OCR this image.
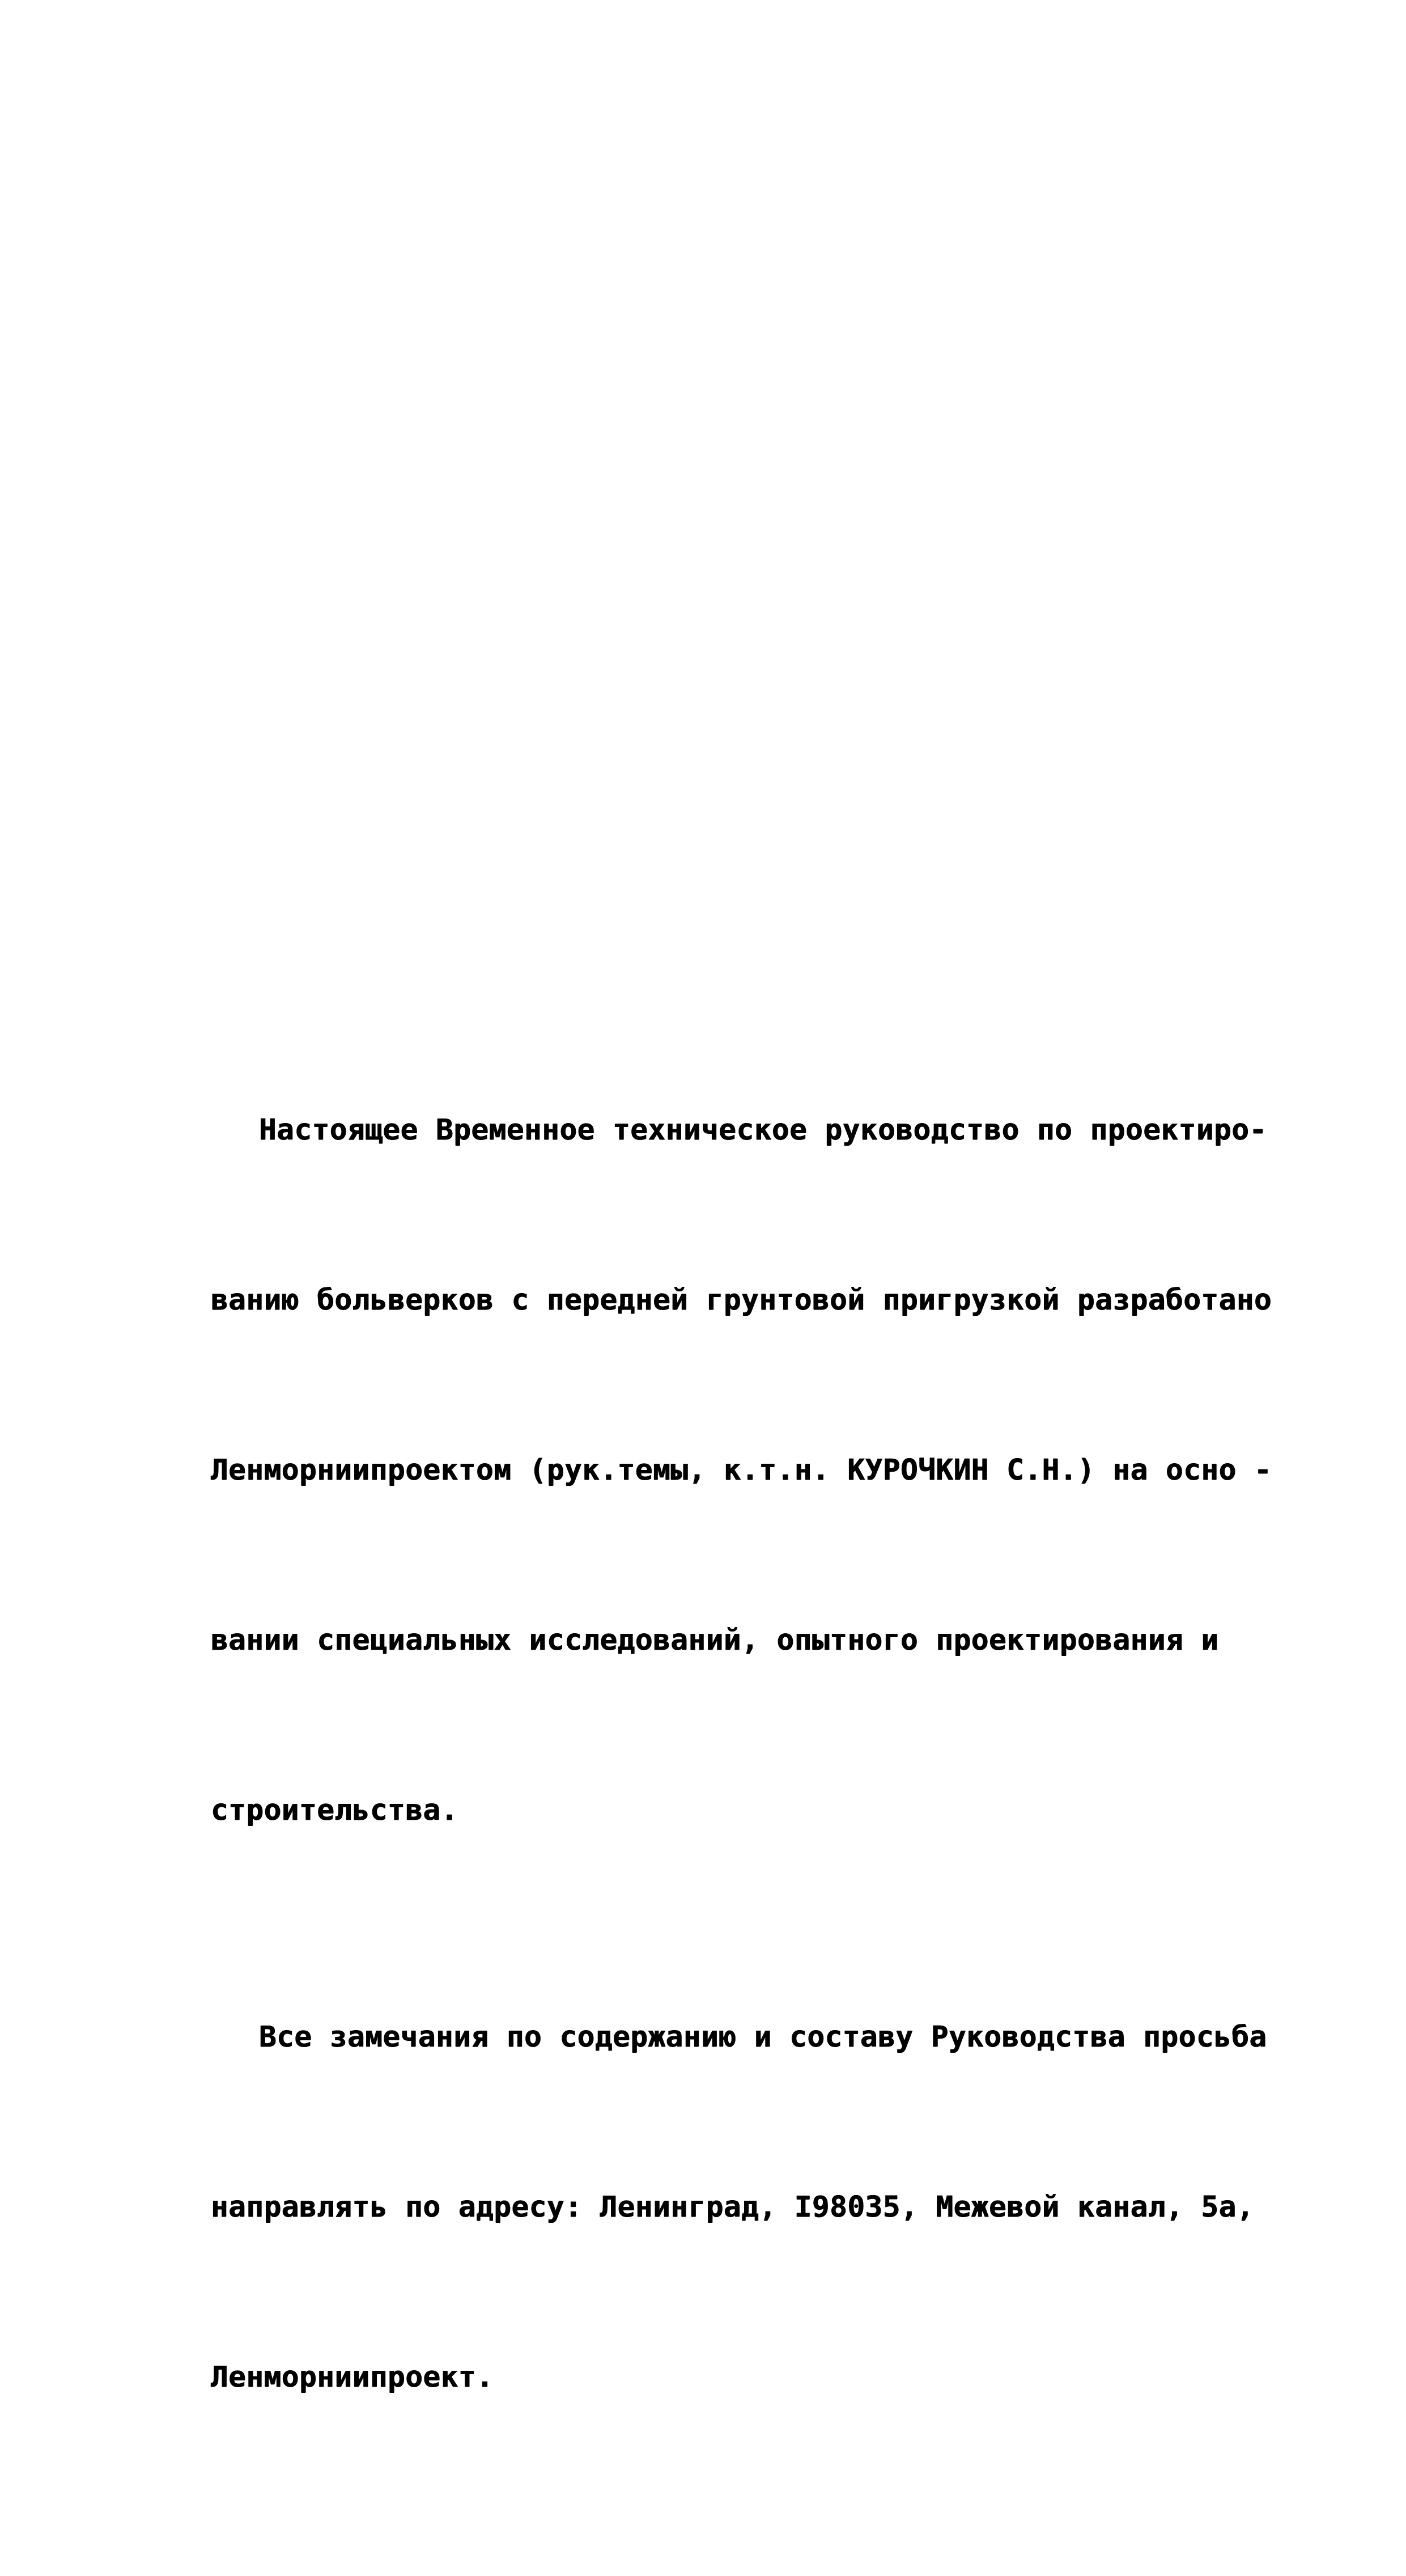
Настоящее Временное техническое руководство по проектиро-

ванию больверков с передней грунтовой пригрузкой разработано

Ленморниипроектом (рук.темы, к.т.н. КУРОЧКИН С.Н.) на осно -

вании специальных исследований, опытного проектирования и

строительства.

Все замечания по содержанию и составу Руководства просьба

направлять по адресу: Ленинград, I98035, Межевой канал, 5а,

Ленморниипроект.
